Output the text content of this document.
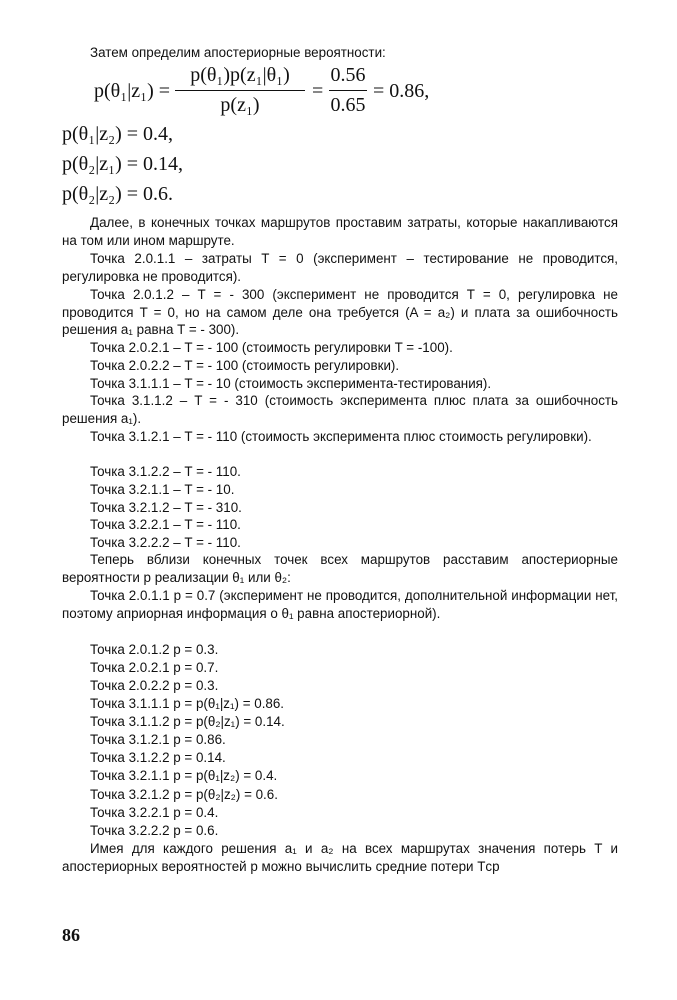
Затем определим апостериорные вероятности:
p(θ₁|z₁) =
p(θ₁)p(z₁|θ₁)
p(z₁)
=
0.56
0.65
= 0.86,
p(θ₁|z₂) = 0.4,
p(θ₂|z₁) = 0.14,
p(θ₂|z₂) = 0.6.
Далее, в конечных точках маршрутов проставим затраты, которые накапливаются на том или ином маршруте.
Точка 2.0.1.1 – затраты T = 0 (эксперимент – тестирование не проводится, регулировка не проводится).
Точка 2.0.1.2 – T = - 300 (эксперимент не проводится T = 0, регулировка не проводится T = 0, но на самом деле она требуется (A = a₂) и плата за ошибочность решения a₁ равна T = - 300).
Точка 2.0.2.1 – T = - 100 (стоимость регулировки T = -100).
Точка 2.0.2.2 – T = - 100 (стоимость регулировки).
Точка 3.1.1.1 – T = - 10 (стоимость эксперимента-тестирования).
Точка 3.1.1.2 – T = - 310 (стоимость эксперимента плюс плата за ошибочность решения a₁).
Точка 3.1.2.1 – T = - 110 (стоимость эксперимента плюс стоимость регулировки).
Точка 3.1.2.2 – T = - 110.
Точка 3.2.1.1 – T = - 10.
Точка 3.2.1.2 – T = - 310.
Точка 3.2.2.1 – T = - 110.
Точка 3.2.2.2 – T = - 110.
Теперь вблизи конечных точек всех маршрутов расставим апостериорные вероятности p реализации θ₁ или θ₂:
Точка 2.0.1.1 p = 0.7 (эксперимент не проводится, дополнительной информации нет, поэтому априорная информация о θ₁ равна апостериорной).
Точка 2.0.1.2 p = 0.3.
Точка 2.0.2.1 p = 0.7.
Точка 2.0.2.2 p = 0.3.
Точка 3.1.1.1 p = p(θ₁|z₁) = 0.86.
Точка 3.1.1.2 p = p(θ₂|z₁) = 0.14.
Точка 3.1.2.1 p = 0.86.
Точка 3.1.2.2 p = 0.14.
Точка 3.2.1.1 p = p(θ₁|z₂) = 0.4.
Точка 3.2.1.2 p = p(θ₂|z₂) = 0.6.
Точка 3.2.2.1 p = 0.4.
Точка 3.2.2.2 p = 0.6.
Имея для каждого решения a₁ и a₂ на всех маршрутах значения потерь T и апостериорных вероятностей p можно вычислить средние потери Tср
86
